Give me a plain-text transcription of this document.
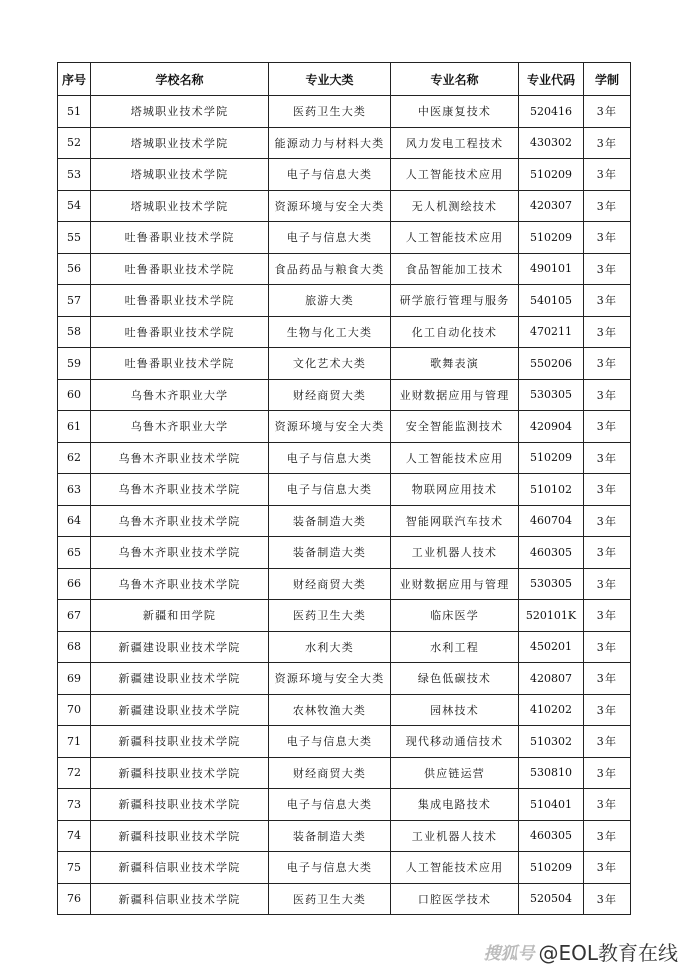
序号	学校名称	专业大类	专业名称	专业代码	学制
51	塔城职业技术学院	医药卫生大类	中医康复技术	520416	3年
52	塔城职业技术学院	能源动力与材料大类	风力发电工程技术	430302	3年
53	塔城职业技术学院	电子与信息大类	人工智能技术应用	510209	3年
54	塔城职业技术学院	资源环境与安全大类	无人机测绘技术	420307	3年
55	吐鲁番职业技术学院	电子与信息大类	人工智能技术应用	510209	3年
56	吐鲁番职业技术学院	食品药品与粮食大类	食品智能加工技术	490101	3年
57	吐鲁番职业技术学院	旅游大类	研学旅行管理与服务	540105	3年
58	吐鲁番职业技术学院	生物与化工大类	化工自动化技术	470211	3年
59	吐鲁番职业技术学院	文化艺术大类	歌舞表演	550206	3年
60	乌鲁木齐职业大学	财经商贸大类	业财数据应用与管理	530305	3年
61	乌鲁木齐职业大学	资源环境与安全大类	安全智能监测技术	420904	3年
62	乌鲁木齐职业技术学院	电子与信息大类	人工智能技术应用	510209	3年
63	乌鲁木齐职业技术学院	电子与信息大类	物联网应用技术	510102	3年
64	乌鲁木齐职业技术学院	装备制造大类	智能网联汽车技术	460704	3年
65	乌鲁木齐职业技术学院	装备制造大类	工业机器人技术	460305	3年
66	乌鲁木齐职业技术学院	财经商贸大类	业财数据应用与管理	530305	3年
67	新疆和田学院	医药卫生大类	临床医学	520101K	3年
68	新疆建设职业技术学院	水利大类	水利工程	450201	3年
69	新疆建设职业技术学院	资源环境与安全大类	绿色低碳技术	420807	3年
70	新疆建设职业技术学院	农林牧渔大类	园林技术	410202	3年
71	新疆科技职业技术学院	电子与信息大类	现代移动通信技术	510302	3年
72	新疆科技职业技术学院	财经商贸大类	供应链运营	530810	3年
73	新疆科技职业技术学院	电子与信息大类	集成电路技术	510401	3年
74	新疆科技职业技术学院	装备制造大类	工业机器人技术	460305	3年
75	新疆科信职业技术学院	电子与信息大类	人工智能技术应用	510209	3年
76	新疆科信职业技术学院	医药卫生大类	口腔医学技术	520504	3年
搜狐号 @EOL教育在线
